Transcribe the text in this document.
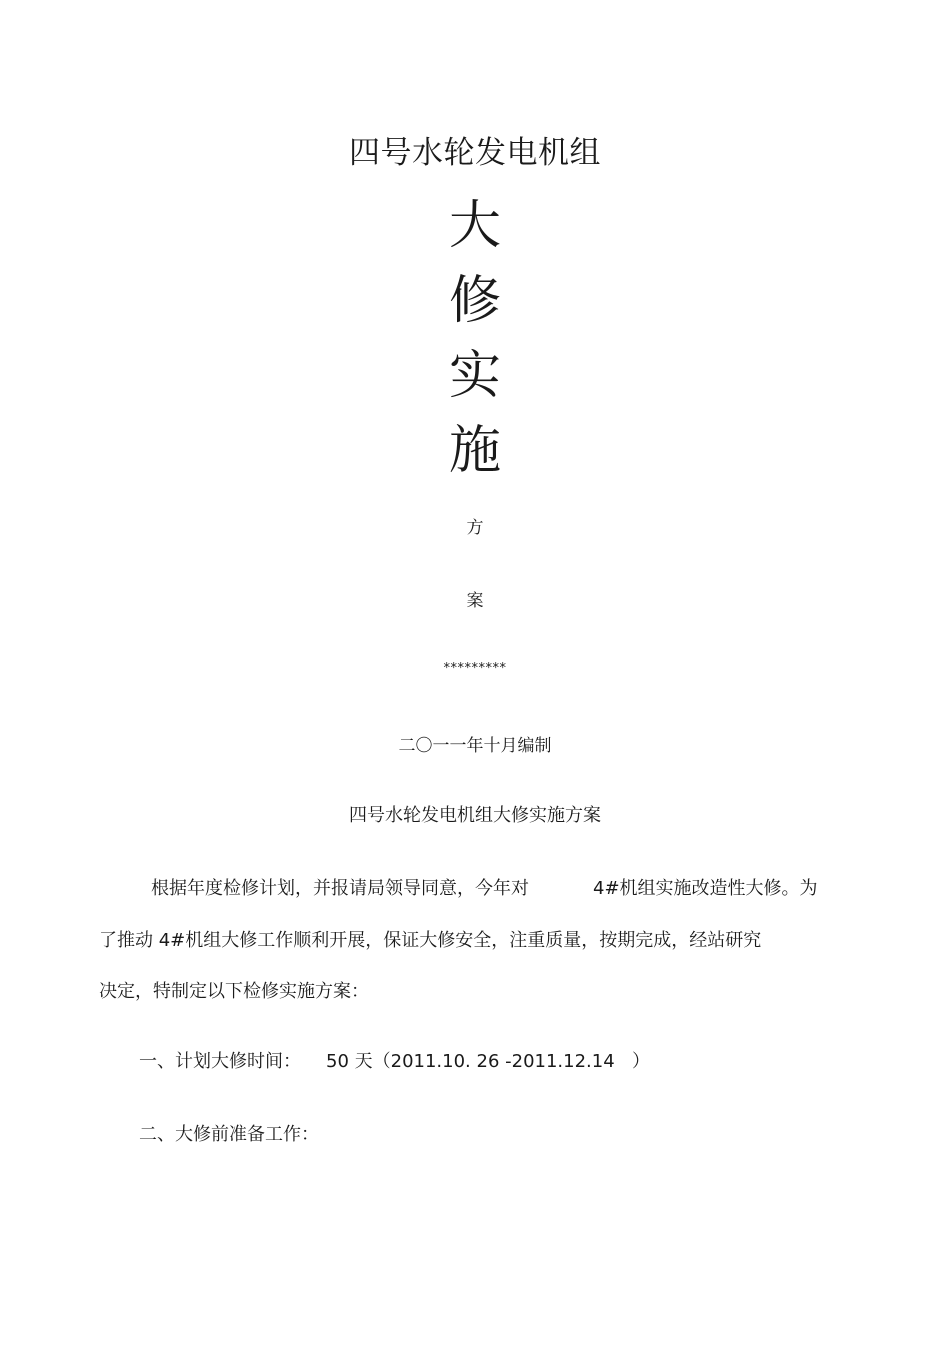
四号水轮发电机组
大
修
实
施
方
案
*********
二〇一一年十月编制
四号水轮发电机组大修实施方案
根据年度检修计划，并报请局领导同意，今年对	4#机组实施改造性大修。为
了推动 4#机组大修工作顺利开展，保证大修安全，注重质量，按期完成，经站研究
决定，特制定以下检修实施方案：
一、计划大修时间： 50 天（2011.10. 26 -2011.12.14 ）
二、大修前准备工作：
